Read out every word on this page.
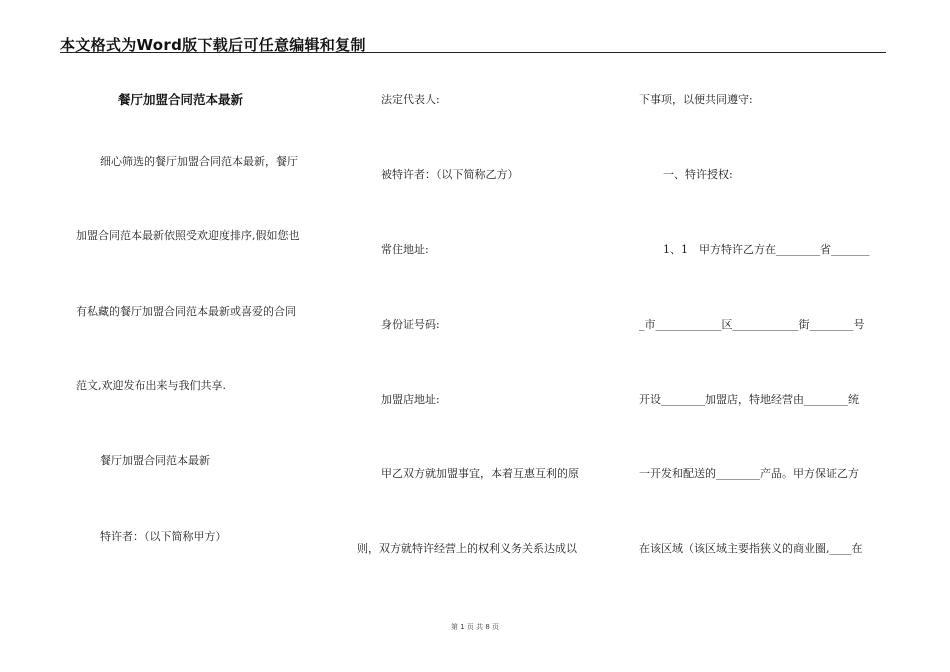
本文格式为Word版下载后可任意编辑和复制
餐厅加盟合同范本最新
细心筛选的餐厅加盟合同范本最新，餐厅
加盟合同范本最新依照受欢迎度排序,假如您也
有私藏的餐厅加盟合同范本最新或喜爱的合同
范文,欢迎发布出来与我们共享.
餐厅加盟合同范本最新
特许者：（以下简称甲方）
法定代表人:
被特许者：（以下简称乙方）
常住地址:
身份证号码:
加盟店地址:
甲乙双方就加盟事宜，本着互惠互利的原
则，双方就特许经营上的权利义务关系达成以
下事项，以便共同遵守:
一、特许授权:
1、1　甲方特许乙方在________省_______
_市____________区____________街________号
开设________加盟店，特地经营由________统
一开发和配送的________产品。甲方保证乙方
在该区域（该区域主要指狭义的商业圈,____在
第 1 页 共 8 页
